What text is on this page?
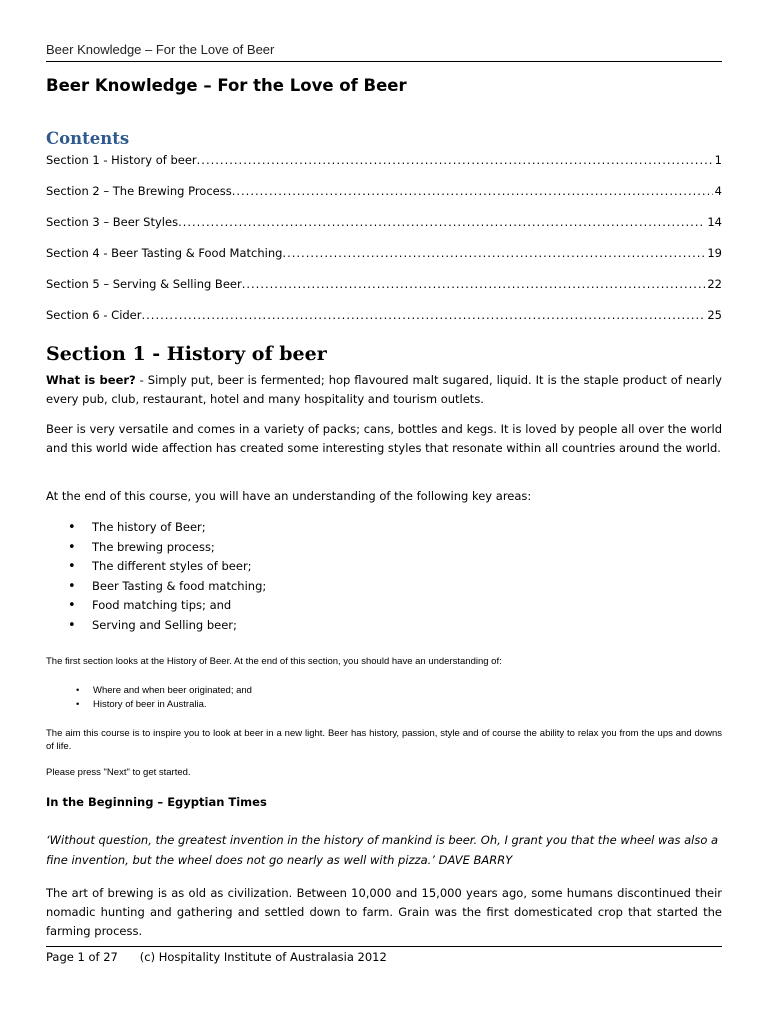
Beer Knowledge – For the Love of Beer
Beer Knowledge – For the Love of Beer
Contents
Section 1 - History of beer .....	1
Section 2 – The Brewing Process .....	4
Section 3 – Beer Styles .....	14
Section 4 - Beer Tasting & Food Matching .....	19
Section 5 – Serving & Selling Beer .....	22
Section 6 - Cider .....	25
Section 1 - History of beer
What is beer? - Simply put, beer is fermented; hop flavoured malt sugared, liquid. It is the staple product of nearly every pub, club, restaurant, hotel and many hospitality and tourism outlets.
Beer is very versatile and comes in a variety of packs; cans, bottles and kegs. It is loved by people all over the world and this world wide affection has created some interesting styles that resonate within all countries around the world.
At the end of this course, you will have an understanding of the following key areas:
• The history of Beer;
• The brewing process;
• The different styles of beer;
• Beer Tasting & food matching;
• Food matching tips; and
• Serving and Selling beer;
The first section looks at the History of Beer. At the end of this section, you should have an understanding of:
• Where and when beer originated; and
• History of beer in Australia.
The aim this course is to inspire you to look at beer in a new light. Beer has history, passion, style and of course the ability to relax you from the ups and downs of life.
Please press "Next" to get started.
In the Beginning – Egyptian Times
‘Without question, the greatest invention in the history of mankind is beer. Oh, I grant you that the wheel was also a fine invention, but the wheel does not go nearly as well with pizza.’ DAVE BARRY
The art of brewing is as old as civilization. Between 10,000 and 15,000 years ago, some humans discontinued their nomadic hunting and gathering and settled down to farm. Grain was the first domesticated crop that started the farming process.
Page 1 of 27 (c) Hospitality Institute of Australasia 2012
